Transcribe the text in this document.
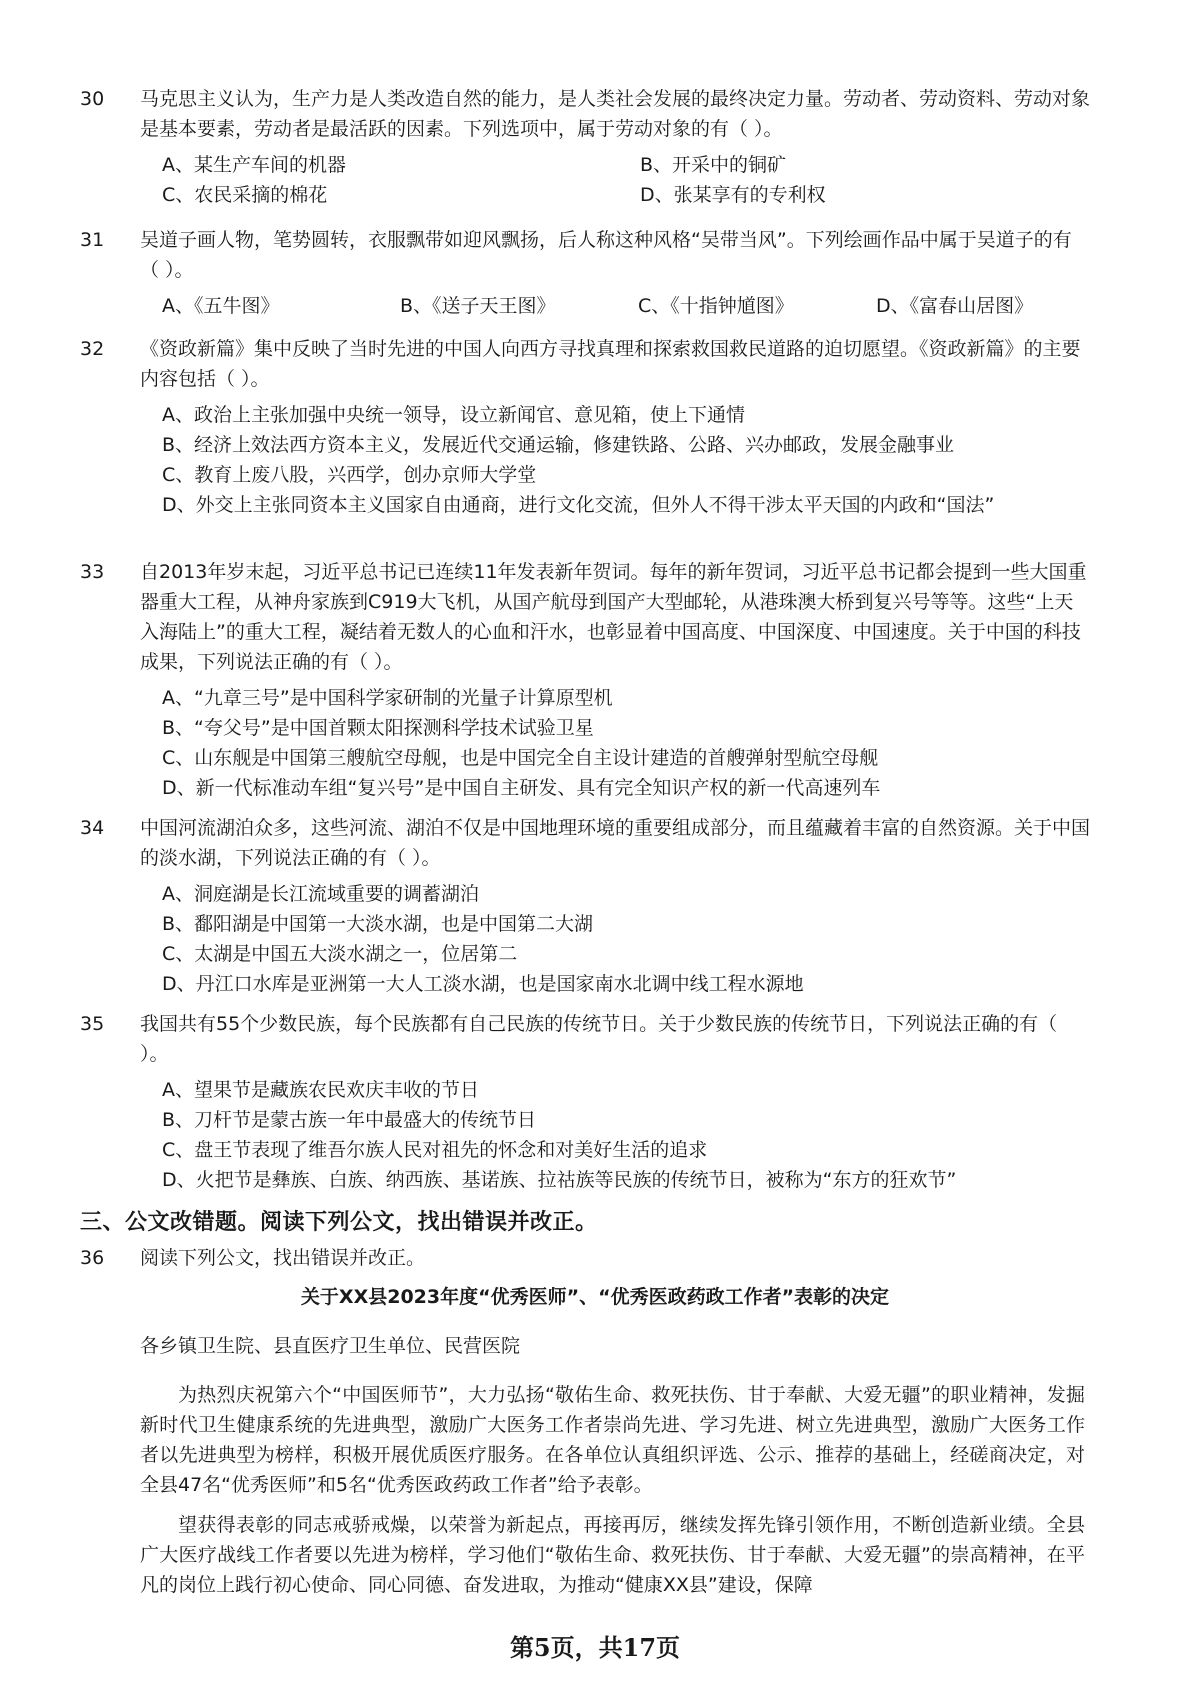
30 马克思主义认为，生产力是人类改造自然的能力，是人类社会发展的最终决定力量。劳动者、劳动资料、劳动对象是基本要素，劳动者是最活跃的因素。下列选项中，属于劳动对象的有（ ）。
A、某生产车间的机器	B、开采中的铜矿
C、农民采摘的棉花	D、张某享有的专利权
31 吴道子画人物，笔势圆转，衣服飘带如迎风飘扬，后人称这种风格“吴带当风”。下列绘画作品中属于吴道子的有（ ）。
A、《五牛图》	B、《送子天王图》	C、《十指钟馗图》	D、《富春山居图》
32 《资政新篇》集中反映了当时先进的中国人向西方寻找真理和探索救国救民道路的迫切愿望。《资政新篇》的主要内容包括（ ）。
A、政治上主张加强中央统一领导，设立新闻官、意见箱，使上下通情
B、经济上效法西方资本主义，发展近代交通运输，修建铁路、公路、兴办邮政，发展金融事业
C、教育上废八股，兴西学，创办京师大学堂
D、外交上主张同资本主义国家自由通商，进行文化交流，但外人不得干涉太平天国的内政和“国法”
33 自2013年岁末起，习近平总书记已连续11年发表新年贺词。每年的新年贺词，习近平总书记都会提到一些大国重器重大工程，从神舟家族到C919大飞机，从国产航母到国产大型邮轮，从港珠澳大桥到复兴号等等。这些“上天入海陆上”的重大工程，凝结着无数人的心血和汗水，也彰显着中国高度、中国深度、中国速度。关于中国的科技成果，下列说法正确的有（ ）。
A、“九章三号”是中国科学家研制的光量子计算原型机
B、“夸父号”是中国首颗太阳探测科学技术试验卫星
C、山东舰是中国第三艘航空母舰，也是中国完全自主设计建造的首艘弹射型航空母舰
D、新一代标准动车组“复兴号”是中国自主研发、具有完全知识产权的新一代高速列车
34 中国河流湖泊众多，这些河流、湖泊不仅是中国地理环境的重要组成部分，而且蕴藏着丰富的自然资源。关于中国的淡水湖，下列说法正确的有（ ）。
A、洞庭湖是长江流域重要的调蓄湖泊
B、鄱阳湖是中国第一大淡水湖，也是中国第二大湖
C、太湖是中国五大淡水湖之一，位居第二
D、丹江口水库是亚洲第一大人工淡水湖，也是国家南水北调中线工程水源地
35 我国共有55个少数民族，每个民族都有自己民族的传统节日。关于少数民族的传统节日，下列说法正确的有（ ）。
A、望果节是藏族农民欢庆丰收的节日
B、刀杆节是蒙古族一年中最盛大的传统节日
C、盘王节表现了维吾尔族人民对祖先的怀念和对美好生活的追求
D、火把节是彝族、白族、纳西族、基诺族、拉祜族等民族的传统节日，被称为“东方的狂欢节”
三、公文改错题。阅读下列公文，找出错误并改正。
36 阅读下列公文，找出错误并改正。
关于XX县2023年度“优秀医师”、“优秀医政药政工作者”表彰的决定
各乡镇卫生院、县直医疗卫生单位、民营医院
为热烈庆祝第六个“中国医师节”，大力弘扬“敬佑生命、救死扶伤、甘于奉献、大爱无疆”的职业精神，发掘新时代卫生健康系统的先进典型，激励广大医务工作者崇尚先进、学习先进、树立先进典型，激励广大医务工作者以先进典型为榜样，积极开展优质医疗服务。在各单位认真组织评选、公示、推荐的基础上，经磋商决定，对全县47名“优秀医师”和5名“优秀医政药政工作者”给予表彰。
望获得表彰的同志戒骄戒燥，以荣誉为新起点，再接再厉，继续发挥先锋引领作用，不断创造新业绩。全县广大医疗战线工作者要以先进为榜样，学习他们“敬佑生命、救死扶伤、甘于奉献、大爱无疆”的崇高精神，在平凡的岗位上践行初心使命、同心同德、奋发进取，为推动“健康XX县”建设，保障
第5页，共17页
